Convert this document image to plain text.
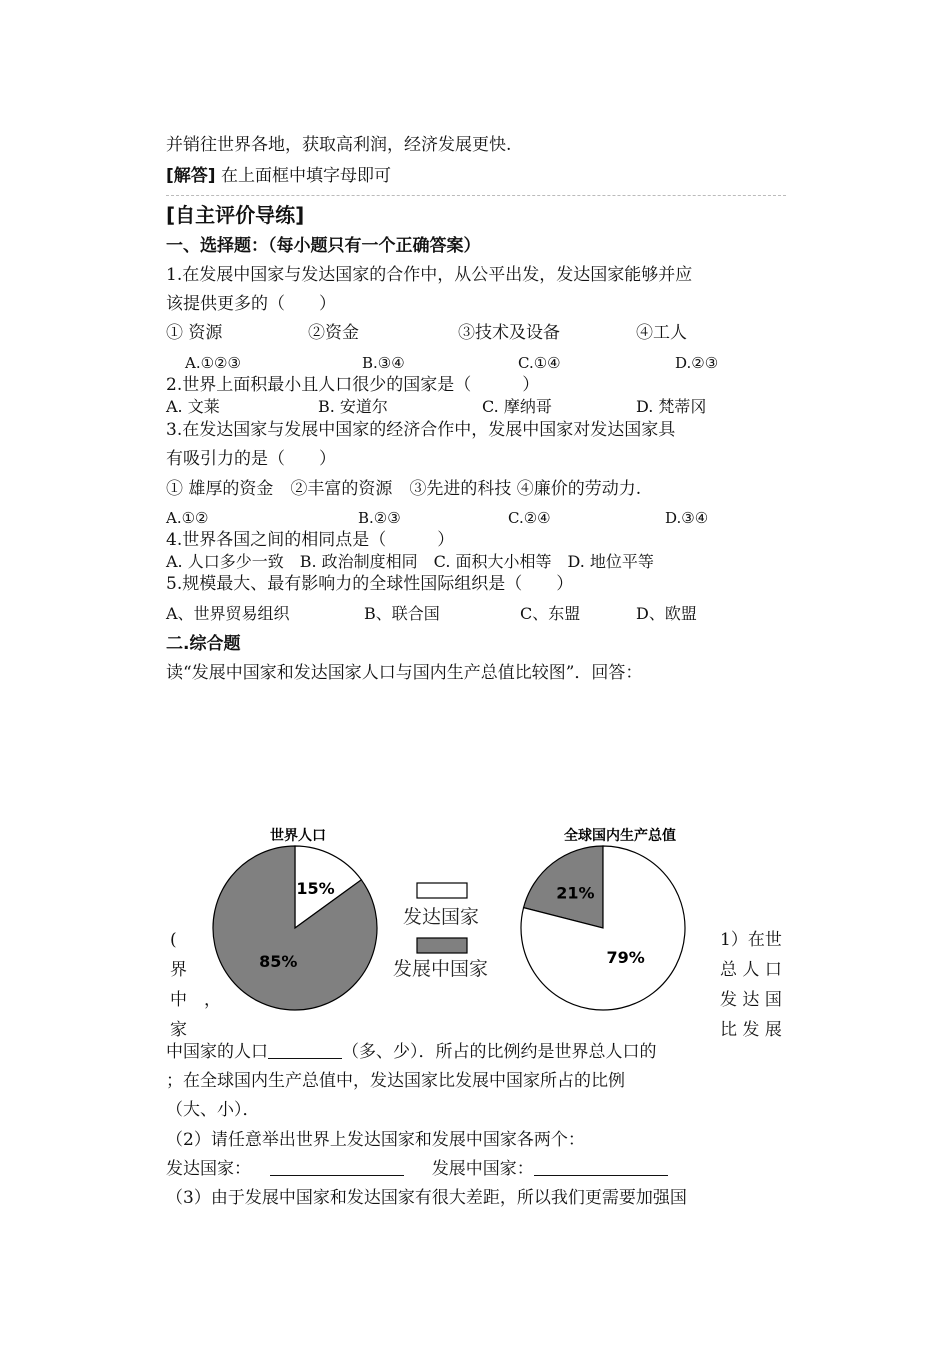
并销往世界各地，获取高利润，经济发展更快.
[解答] 在上面框中填字母即可
[自主评价导练]
一、选择题：（每小题只有一个正确答案）
1.在发展中国家与发达国家的合作中，从公平出发，发达国家能够并应
该提供更多的（　　）
① 资源	②资金	③技术及设备	④工人
A.①②③	B.③④	C.①④	D.②③
2.世界上面积最小且人口很少的国家是（　　　）
A. 文莱	B. 安道尔	C. 摩纳哥	D. 梵蒂冈
3.在发达国家与发展中国家的经济合作中，发展中国家对发达国家具
有吸引力的是（　　）
① 雄厚的资金　②丰富的资源　③先进的科技 ④廉价的劳动力.
A.①②	B.②③	C.②④	D.③④
4.世界各国之间的相同点是（　　　）
A. 人口多少一致　B. 政治制度相同　C. 面积大小相等　D. 地位平等
5.规模最大、最有影响力的全球性国际组织是（　　）
A、世界贸易组织	B、联合国	C、东盟	D、欧盟
二.综合题
读“发展中国家和发达国家人口与国内生产总值比较图”．回答：
世界人口
15%
85%
全球国内生产总值
21%
79%
发达国家
发展中国家
(
界
中　，
家
1）在世
总 人 口
发 达 国
比 发 展
中国家的人口	（多、少）．所占的比例约是世界总人口的
；在全球国内生产总值中，发达国家比发展中国家所占的比例
（大、小）．
（2）请任意举出世界上发达国家和发展中国家各两个：
发达国家：	发展中国家：
（3）由于发展中国家和发达国家有很大差距，所以我们更需要加强国
